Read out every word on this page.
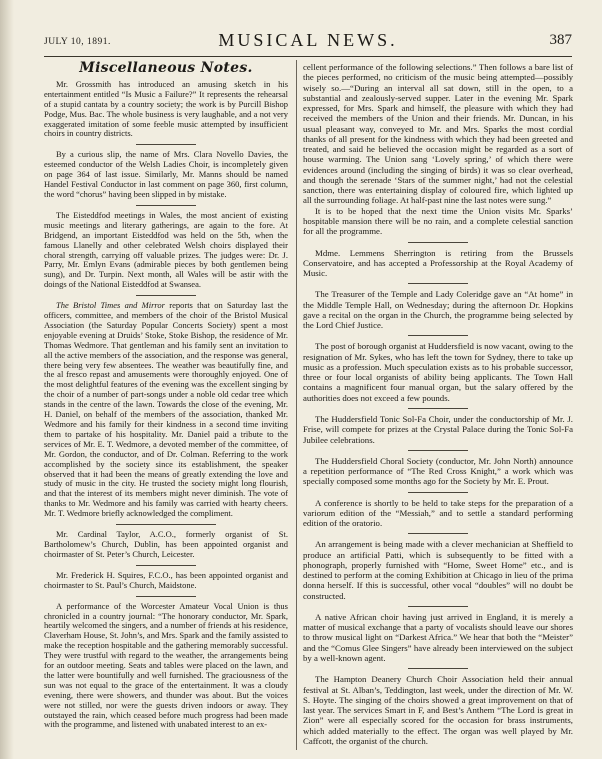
JULY 10, 1891.	MUSICAL NEWS.	387
Miscellaneous Notes.

Mr. Grossmith has introduced an amusing sketch in his entertainment entitled “Is Music a Failure?” It represents the rehearsal of a stupid cantata by a country society; the work is by Purcill Bishop Podge, Mus. Bac. The whole business is very laughable, and a not very exaggerated imitation of some feeble music attempted by insufficient choirs in country districts.

By a curious slip, the name of Mrs. Clara Novello Davies, the esteemed conductor of the Welsh Ladies Choir, is incompletely given on page 364 of last issue. Similarly, Mr. Manns should be named Handel Festival Conductor in last comment on page 360, first column, the word “chorus” having been slipped in by mistake.

The Eisteddfod meetings in Wales, the most ancient of existing music meetings and literary gatherings, are again to the fore. At Bridgend, an important Eisteddfod was held on the 5th, when the famous Llanelly and other celebrated Welsh choirs displayed their choral strength, carrying off valuable prizes. The judges were: Dr. J. Parry, Mr. Emlyn Evans (admirable pieces by both gentlemen being sung), and Dr. Turpin. Next month, all Wales will be astir with the doings of the National Eisteddfod at Swansea.

The Bristol Times and Mirror reports that on Saturday last the officers, committee, and members of the choir of the Bristol Musical Association (the Saturday Popular Concerts Society) spent a most enjoyable evening at Druids’ Stoke, Stoke Bishop, the residence of Mr. Thomas Wedmore. That gentleman and his family sent an invitation to all the active members of the association, and the response was general, there being very few absentees. The weather was beautifully fine, and the al fresco repast and amusements were thoroughly enjoyed. One of the most delightful features of the evening was the excellent singing by the choir of a number of part-songs under a noble old cedar tree which stands in the centre of the lawn. Towards the close of the evening, Mr. H. Daniel, on behalf of the members of the association, thanked Mr. Wedmore and his family for their kindness in a second time inviting them to partake of his hospitality. Mr. Daniel paid a tribute to the services of Mr. E. T. Wedmore, a devoted member of the committee, of Mr. Gordon, the conductor, and of Dr. Colman. Referring to the work accomplished by the society since its establishment, the speaker observed that it had been the means of greatly extending the love and study of music in the city. He trusted the society might long flourish, and that the interest of its members might never diminish. The vote of thanks to Mr. Wedmore and his family was carried with hearty cheers. Mr. T. Wedmore briefly acknowledged the compliment.

Mr. Cardinal Taylor, A.C.O., formerly organist of St. Bartholomew’s Church, Dublin, has been appointed organist and choirmaster of St. Peter’s Church, Leicester.

Mr. Frederick H. Squires, F.C.O., has been appointed organist and choirmaster to St. Paul’s Church, Maidstone.

A performance of the Worcester Amateur Vocal Union is thus chronicled in a country journal: “The honorary conductor, Mr. Spark, heartily welcomed the singers, and a number of friends at his residence, Claverham House, St. John’s, and Mrs. Spark and the family assisted to make the reception hospitable and the gathering memorably successful. They were trustful with regard to the weather, the arrangements being for an outdoor meeting. Seats and tables were placed on the lawn, and the latter were bountifully and well furnished. The graciousness of the sun was not equal to the grace of the entertainment. It was a cloudy evening, there were showers, and thunder was about. But the voices were not stilled, nor were the guests driven indoors or away. They outstayed the rain, which ceased before much progress had been made with the programme, and listened with unabated interest to an ex-

cellent performance of the following selections.” Then follows a bare list of the pieces performed, no criticism of the music being attempted—possibly wisely so.—“During an interval all sat down, still in the open, to a substantial and zealously-served supper. Later in the evening Mr. Spark expressed, for Mrs. Spark and himself, the pleasure with which they had received the members of the Union and their friends. Mr. Duncan, in his usual pleasant way, conveyed to Mr. and Mrs. Sparks the most cordial thanks of all present for the kindness with which they had been greeted and treated, and said he believed the occasion might be regarded as a sort of house warming. The Union sang ‘Lovely spring,’ of which there were evidences around (including the singing of birds) it was so clear overhead, and though the serenade ‘Stars of the summer night,’ had not the celestial sanction, there was entertaining display of coloured fire, which lighted up all the surrounding foliage. At half-past nine the last notes were sung.”

It is to be hoped that the next time the Union visits Mr. Sparks’ hospitable mansion there will be no rain, and a complete celestial sanction for all the programme.

Mdme. Lemmens Sherrington is retiring from the Brussels Conservatoire, and has accepted a Professorship at the Royal Academy of Music.

The Treasurer of the Temple and Lady Coleridge gave an “At home” in the Middle Temple Hall, on Wednesday; during the afternoon Dr. Hopkins gave a recital on the organ in the Church, the programme being selected by the Lord Chief Justice.

The post of borough organist at Huddersfield is now vacant, owing to the resignation of Mr. Sykes, who has left the town for Sydney, there to take up music as a profession. Much speculation exists as to his probable successor, three or four local organists of ability being applicants. The Town Hall contains a magnificent four manual organ, but the salary offered by the authorities does not exceed a few pounds.

The Huddersfield Tonic Sol-Fa Choir, under the conductorship of Mr. J. Frise, will compete for prizes at the Crystal Palace during the Tonic Sol-Fa Jubilee celebrations.

The Huddersfield Choral Society (conductor, Mr. John North) announce a repetition performance of “The Red Cross Knight,” a work which was specially composed some months ago for the Society by Mr. E. Prout.

A conference is shortly to be held to take steps for the preparation of a variorum edition of the “Messiah,” and to settle a standard performing edition of the oratorio.

An arrangement is being made with a clever mechanician at Sheffield to produce an artificial Patti, which is subsequently to be fitted with a phonograph, properly furnished with “Home, Sweet Home” etc., and is destined to perform at the coming Exhibition at Chicago in lieu of the prima donna herself. If this is successful, other vocal “doubles” will no doubt be constructed.

A native African choir having just arrived in England, it is merely a matter of musical exchange that a party of vocalists should leave our shores to throw musical light on “Darkest Africa.” We hear that both the “Meister” and the “Comus Glee Singers” have already been interviewed on the subject by a well-known agent.

The Hampton Deanery Church Choir Association held their annual festival at St. Alban’s, Teddington, last week, under the direction of Mr. W. S. Hoyte. The singing of the choirs showed a great improvement on that of last year. The services Smart in F, and Best’s Anthem “The Lord is great in Zion” were all especially scored for the occasion for brass instruments, which added materially to the effect. The organ was well played by Mr. Caffcott, the organist of the church.
